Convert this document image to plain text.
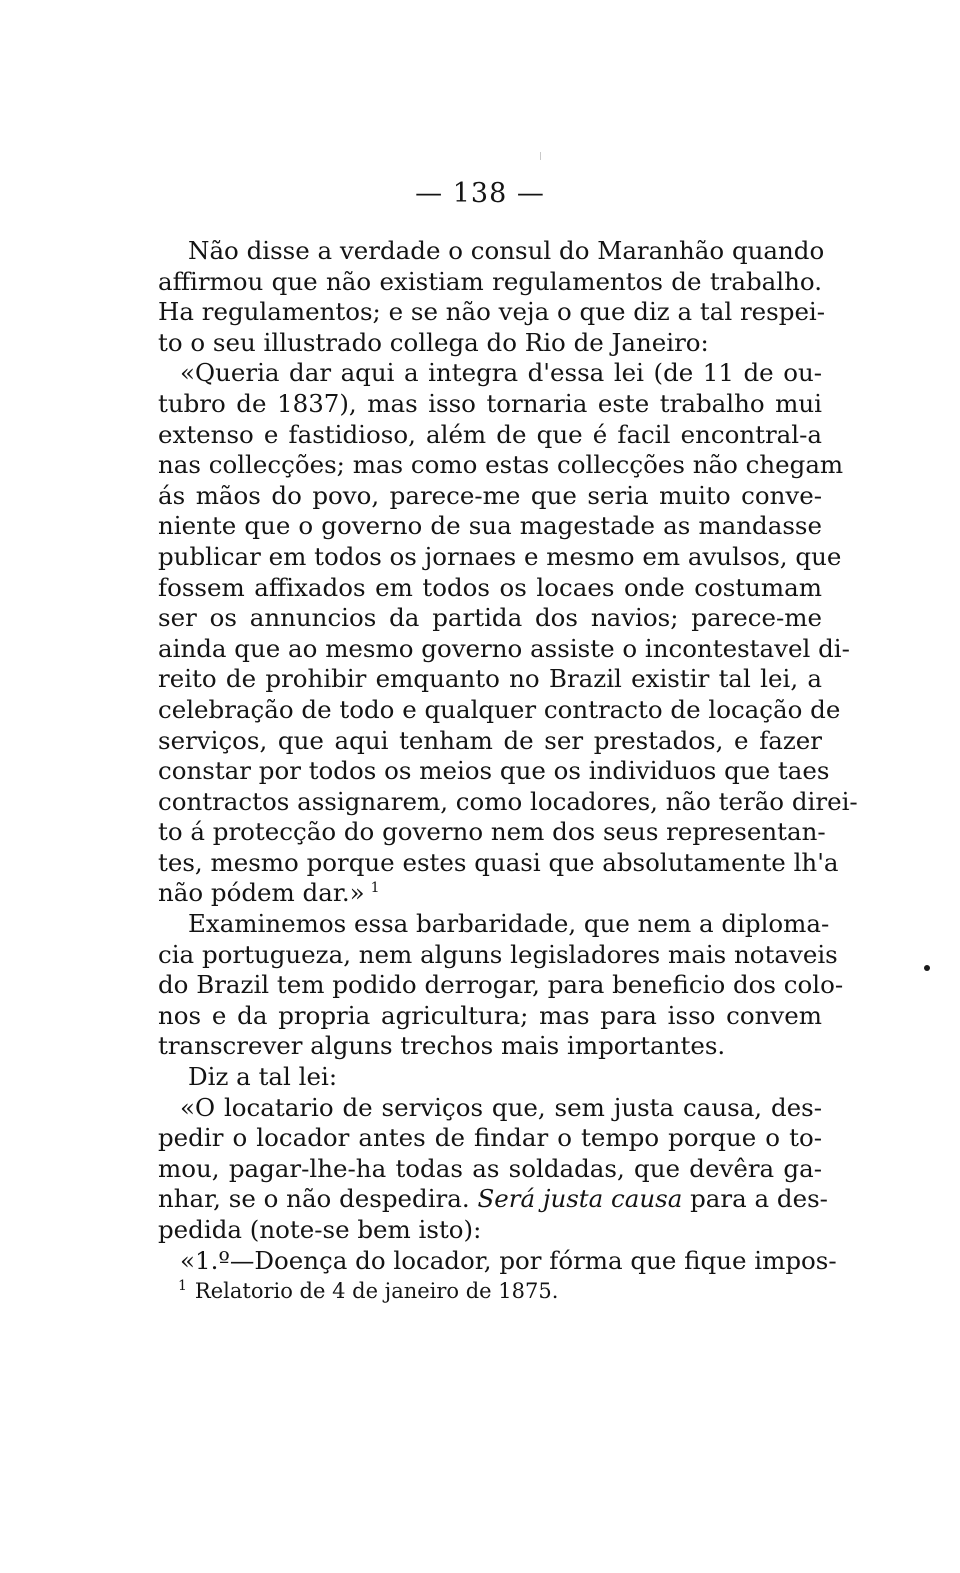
— 138 —
Não disse a verdade o consul do Maranhão quando
affirmou que não existiam regulamentos de trabalho.
Ha regulamentos; e se não veja o que diz a tal respei-
to o seu illustrado collega do Rio de Janeiro:
«Queria dar aqui a integra d'essa lei (de 11 de ou-
tubro de 1837), mas isso tornaria este trabalho mui
extenso e fastidioso, além de que é facil encontral-a
nas collecções; mas como estas collecções não chegam
ás mãos do povo, parece-me que seria muito conve-
niente que o governo de sua magestade as mandasse
publicar em todos os jornaes e mesmo em avulsos, que
fossem affixados em todos os locaes onde costumam
ser os annuncios da partida dos navios; parece-me
ainda que ao mesmo governo assiste o incontestavel di-
reito de prohibir emquanto no Brazil existir tal lei, a
celebração de todo e qualquer contracto de locação de
serviços, que aqui tenham de ser prestados, e fazer
constar por todos os meios que os individuos que taes
contractos assignarem, como locadores, não terão direi-
to á protecção do governo nem dos seus representan-
tes, mesmo porque estes quasi que absolutamente lh'a
não pódem dar.» $^1$
Examinemos essa barbaridade, que nem a diploma-
cia portugueza, nem alguns legisladores mais notaveis
do Brazil tem podido derrogar, para beneficio dos colo-
nos e da propria agricultura; mas para isso convem
transcrever alguns trechos mais importantes.
Diz a tal lei:
«O locatario de serviços que, sem justa causa, des-
pedir o locador antes de findar o tempo porque o to-
mou, pagar-lhe-ha todas as soldadas, que devêra ga-
nhar, se o não despedira. Será justa causa para a des-
pedida (note-se bem isto):
«1.º—Doença do locador, por fórma que fique impos-
$^1$ Relatorio de 4 de janeiro de 1875.
